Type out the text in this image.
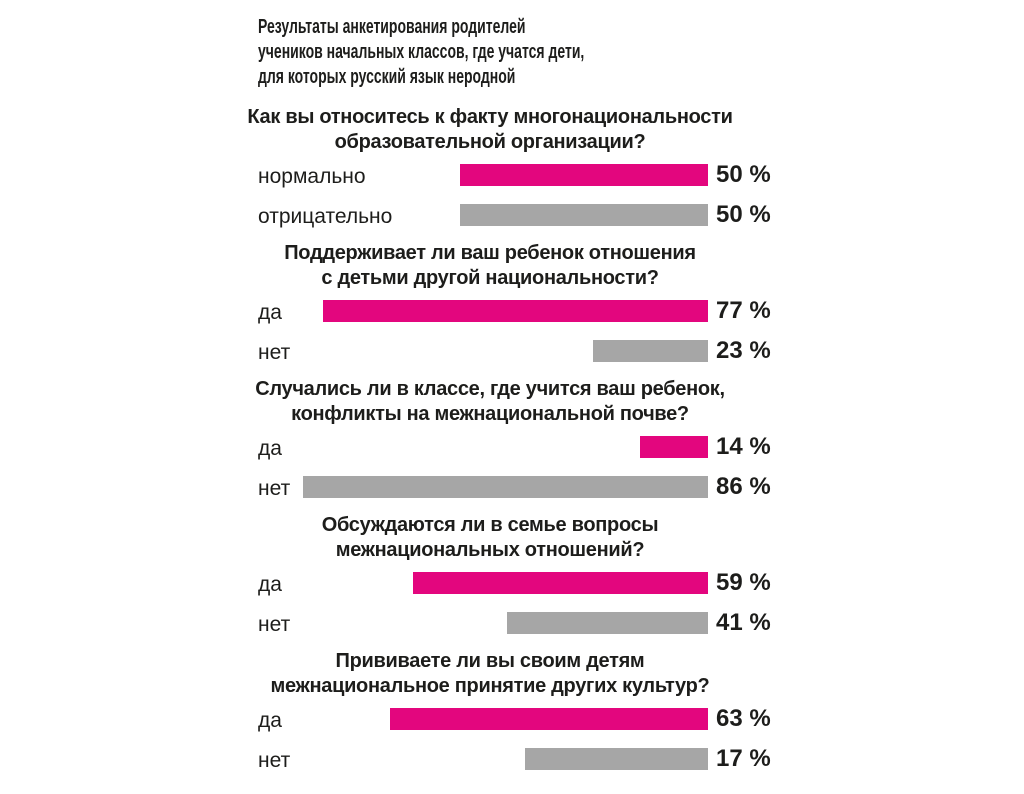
Результаты анкетирования родителей
учеников начальных классов, где учатся дети,
для которых русский язык неродной
Как вы относитесь к факту многонациональности
образовательной организации?
нормально	50 %
отрицательно	50 %
Поддерживает ли ваш ребенок отношения
с детьми другой национальности?
да	77 %
нет	23 %
Случались ли в классе, где учится ваш ребенок,
конфликты на межнациональной почве?
да	14 %
нет	86 %
Обсуждаются ли в семье вопросы
межнациональных отношений?
да	59 %
нет	41 %
Прививаете ли вы своим детям
межнациональное принятие других культур?
да	63 %
нет	17 %
